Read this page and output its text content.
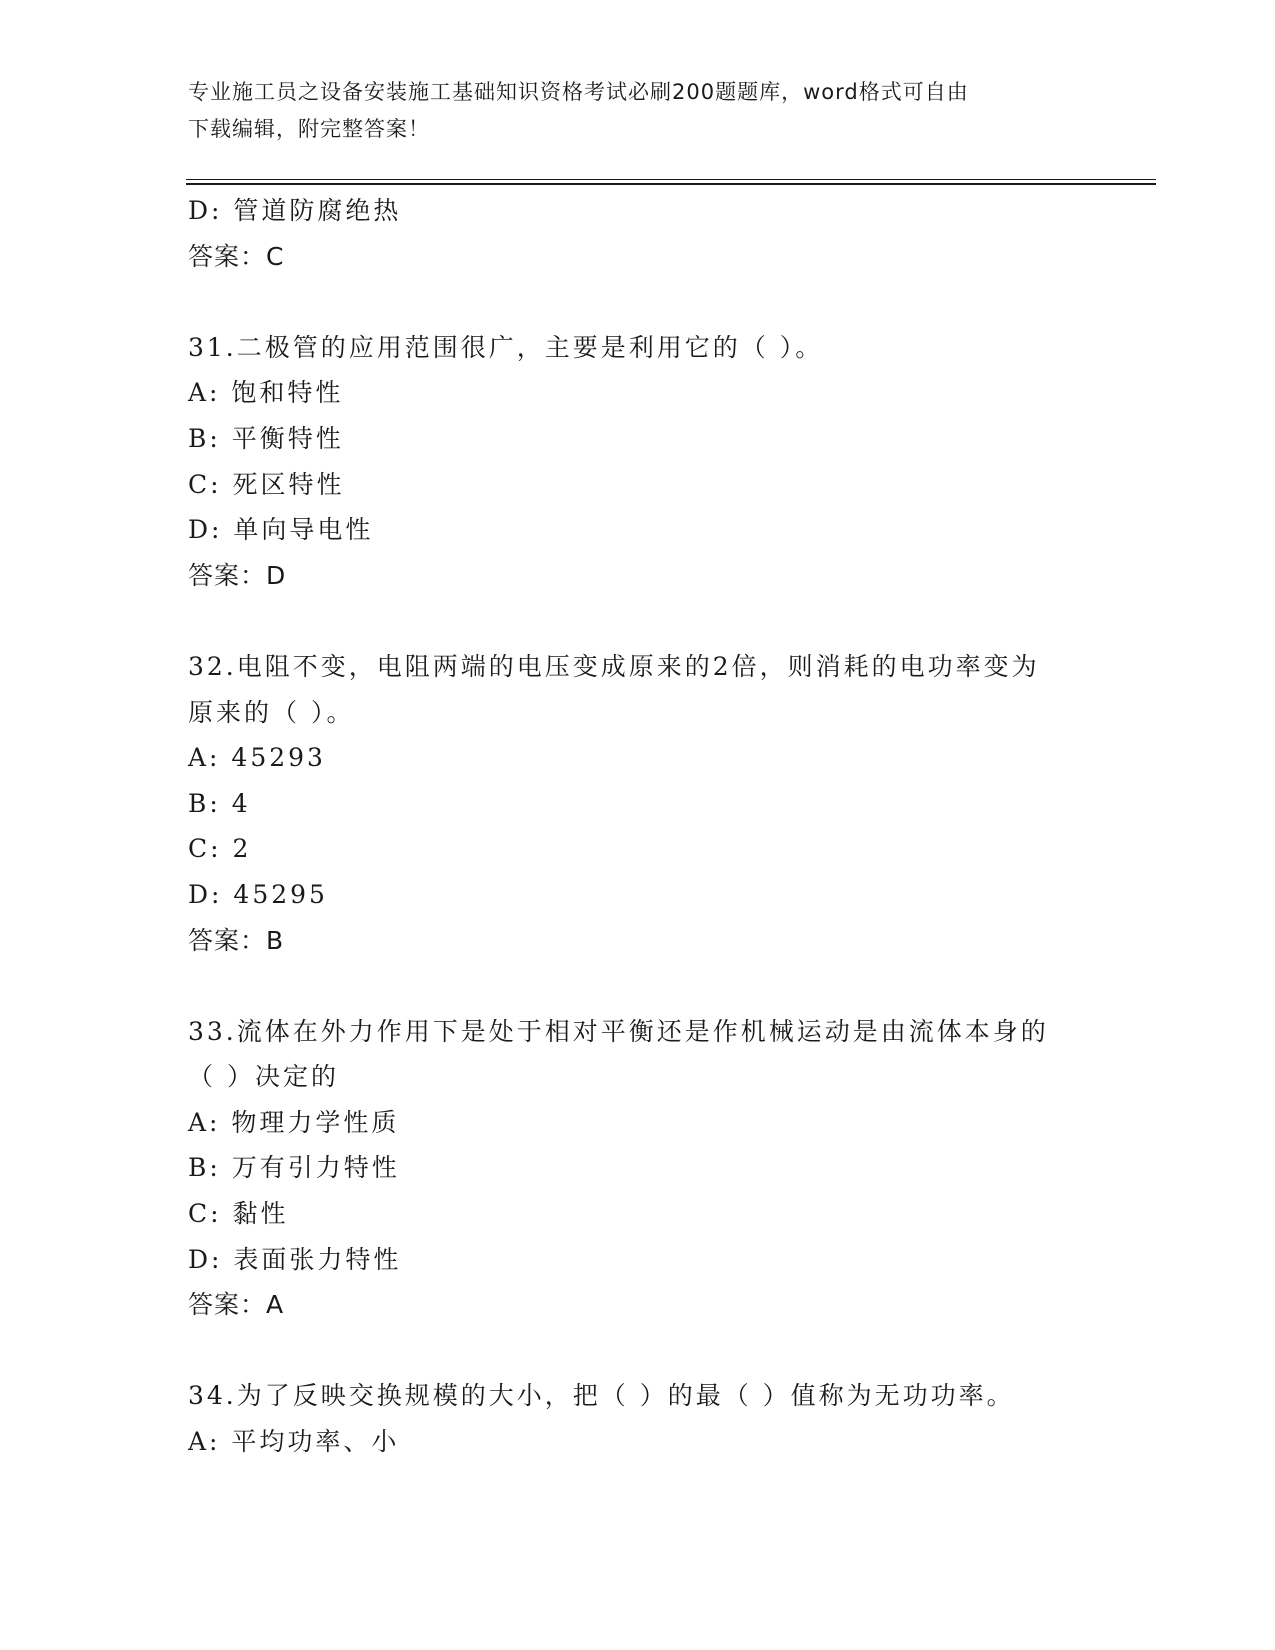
专业施工员之设备安装施工基础知识资格考试必刷200题题库，word格式可自由
下载编辑，附完整答案！
D: 管道防腐绝热
答案：C
31.二极管的应用范围很广，主要是利用它的（ ）。
A: 饱和特性
B: 平衡特性
C: 死区特性
D: 单向导电性
答案：D
32.电阻不变，电阻两端的电压变成原来的2倍，则消耗的电功率变为
原来的（ ）。
A: 45293
B: 4
C: 2
D: 45295
答案：B
33.流体在外力作用下是处于相对平衡还是作机械运动是由流体本身的
（ ）决定的
A: 物理力学性质
B: 万有引力特性
C: 黏性
D: 表面张力特性
答案：A
34.为了反映交换规模的大小，把（ ）的最（ ）值称为无功功率。
A: 平均功率、小
